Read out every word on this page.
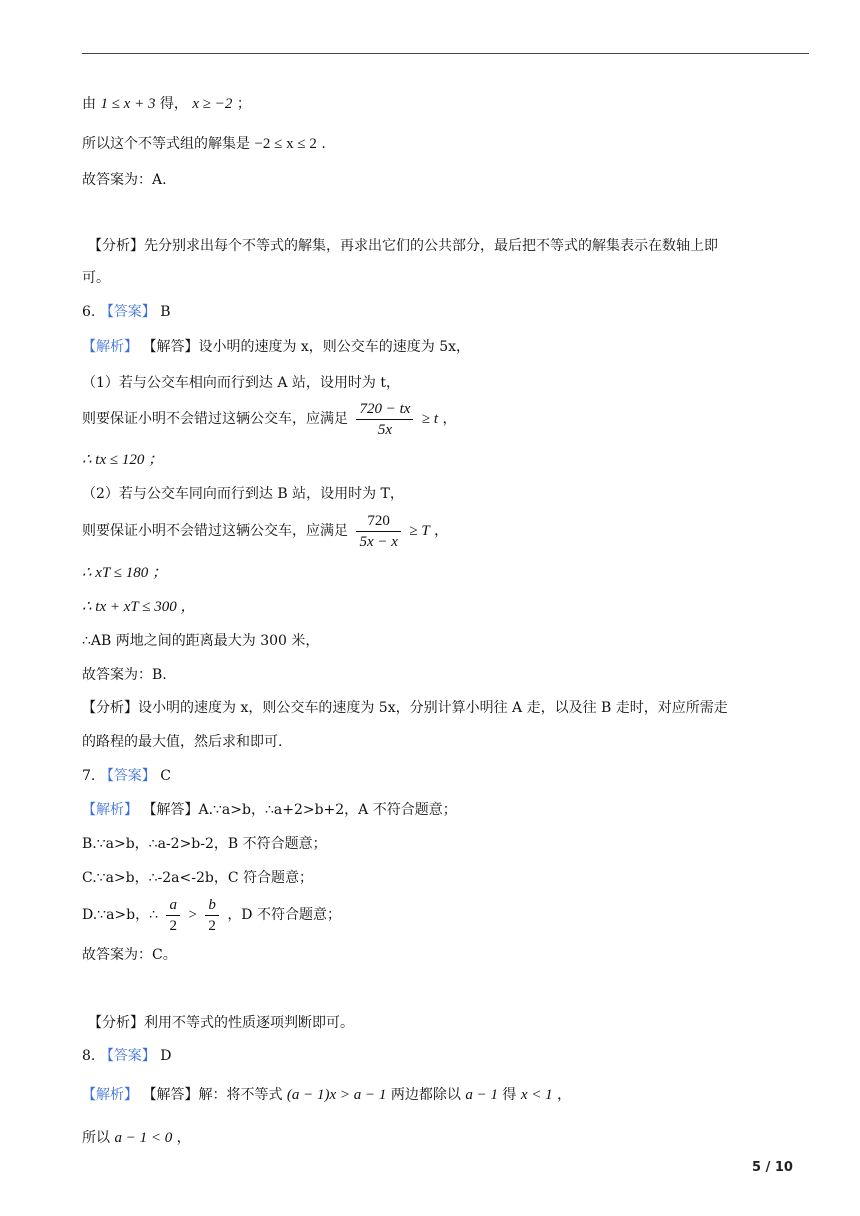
由 1 ≤ x + 3 得， x ≥ −2 ；
所以这个不等式组的解集是 −2 ≤ x ≤ 2 .
故答案为：A.
【分析】先分别求出每个不等式的解集，再求出它们的公共部分，最后把不等式的解集表示在数轴上即
可。
6. 【答案】 B
【解析】 【解答】设小明的速度为 x，则公交车的速度为 5x，
（1）若与公交车相向而行到达 A 站，设用时为 t，
则要保证小明不会错过这辆公交车，应满足 $\frac{720 - tx}{5x} \ge t$ ，
∴ tx ≤ 120 ；
（2）若与公交车同向而行到达 B 站，设用时为 T，
则要保证小明不会错过这辆公交车，应满足 $\frac{720}{5x - x} \ge T$ ，
∴ xT ≤ 180 ；
∴ tx + xT ≤ 300 ，
∴AB 两地之间的距离最大为 300 米，
故答案为：B.
【分析】设小明的速度为 x，则公交车的速度为 5x，分别计算小明往 A 走，以及往 B 走时，对应所需走
的路程的最大值，然后求和即可.
7. 【答案】 C
【解析】 【解答】A.∵a>b，∴a+2>b+2，A 不符合题意；
B.∵a>b，∴a-2>b-2，B 不符合题意；
C.∵a>b，∴-2a<-2b，C 符合题意；
D.∵a>b，∴ $\frac{a}{2} > \frac{b}{2}$ ，D 不符合题意；
故答案为：C。
【分析】利用不等式的性质逐项判断即可。
8. 【答案】 D
【解析】 【解答】解：将不等式 (a − 1)x > a − 1 两边都除以 a − 1 得 x < 1 ，
所以 a − 1 < 0 ，
5 / 10
